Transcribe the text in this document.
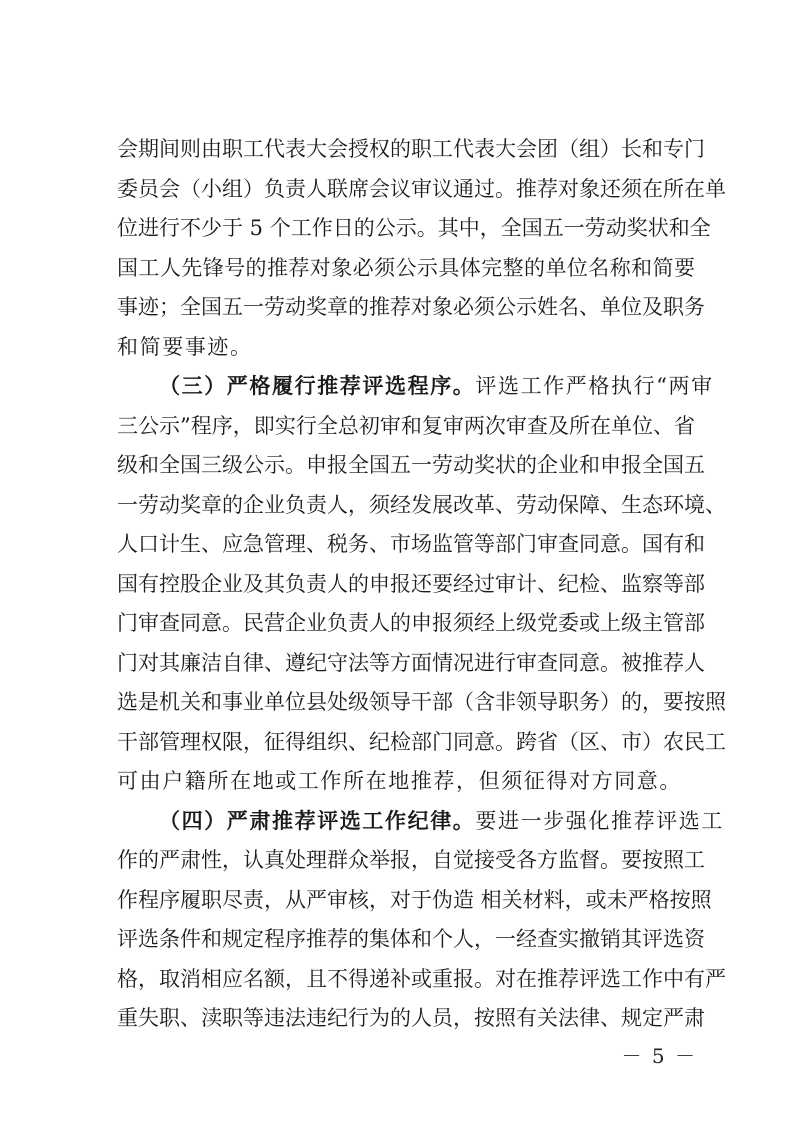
会期间则由职工代表大会授权的职工代表大会团（组）长和专门
委员会（小组）负责人联席会议审议通过。推荐对象还须在所在单
位进行不少于 5 个工作日的公示。其中，全国五一劳动奖状和全
国工人先锋号的推荐对象必须公示具体完整的单位名称和简要
事迹；全国五一劳动奖章的推荐对象必须公示姓名、单位及职务
和简要事迹。
（三）严格履行推荐评选程序。评选工作严格执行“两审
三公示”程序，即实行全总初审和复审两次审查及所在单位、省
级和全国三级公示。申报全国五一劳动奖状的企业和申报全国五
一劳动奖章的企业负责人，须经发展改革、劳动保障、生态环境、
人口计生、应急管理、税务、市场监管等部门审查同意。国有和
国有控股企业及其负责人的申报还要经过审计、纪检、监察等部
门审查同意。民营企业负责人的申报须经上级党委或上级主管部
门对其廉洁自律、遵纪守法等方面情况进行审查同意。被推荐人
选是机关和事业单位县处级领导干部（含非领导职务）的，要按照
干部管理权限，征得组织、纪检部门同意。跨省（区、市）农民工
可由户籍所在地或工作所在地推荐，但须征得对方同意。
（四）严肃推荐评选工作纪律。要进一步强化推荐评选工
作的严肃性，认真处理群众举报，自觉接受各方监督。要按照工
作程序履职尽责，从严审核，对于伪造 相关材料，或未严格按照
评选条件和规定程序推荐的集体和个人，一经查实撤销其评选资
格，取消相应名额，且不得递补或重报。对在推荐评选工作中有严
重失职、渎职等违法违纪行为的人员，按照有关法律、规定严肃
－ 5 －
